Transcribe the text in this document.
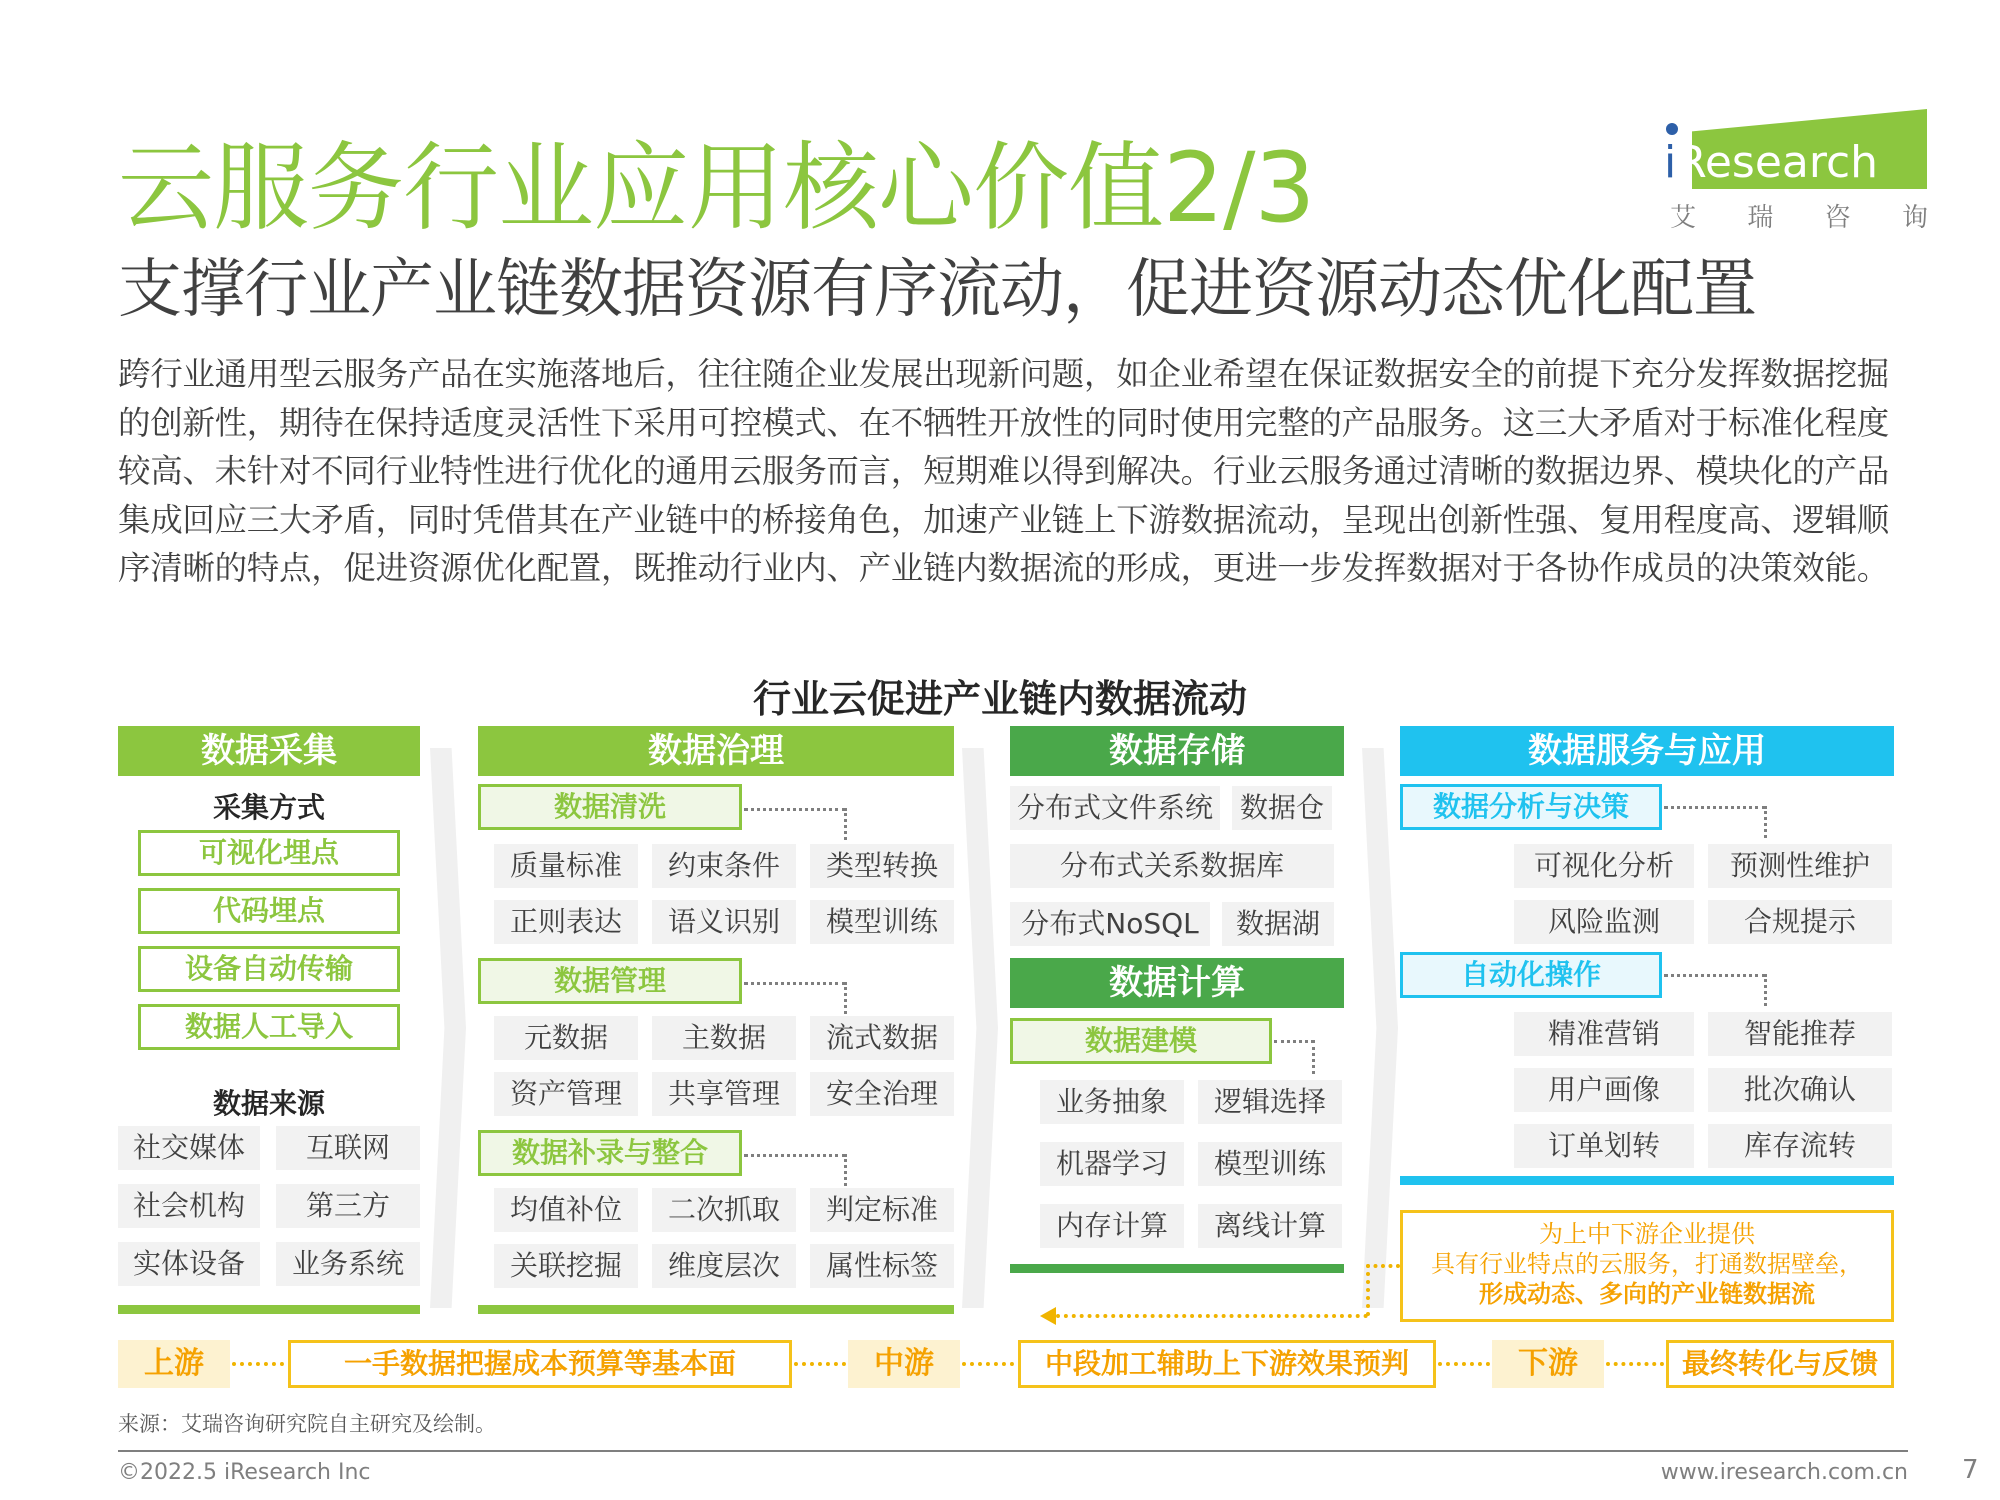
云服务行业应用核心价值2/3
支撑行业产业链数据资源有序流动，促进资源动态优化配置
iResearch
艾 瑞 咨 询
跨行业通用型云服务产品在实施落地后，往往随企业发展出现新问题，如企业希望在保证数据安全的前提下充分发挥数据挖掘的创新性，期待在保持适度灵活性下采用可控模式、在不牺牲开放性的同时使用完整的产品服务。这三大矛盾对于标准化程度较高、未针对不同行业特性进行优化的通用云服务而言，短期难以得到解决。行业云服务通过清晰的数据边界、模块化的产品集成回应三大矛盾，同时凭借其在产业链中的桥接角色，加速产业链上下游数据流动，呈现出创新性强、复用程度高、逻辑顺序清晰的特点，促进资源优化配置，既推动行业内、产业链内数据流的形成，更进一步发挥数据对于各协作成员的决策效能。
行业云促进产业链内数据流动
数据采集
采集方式
可视化埋点
代码埋点
设备自动传输
数据人工导入
数据来源
社交媒体	互联网
社会机构	第三方
实体设备	业务系统
数据治理
数据清洗
质量标准	约束条件	类型转换
正则表达	语义识别	模型训练
数据管理
元数据	主数据	流式数据
资产管理	共享管理	安全治理
数据补录与整合
均值补位	二次抓取	判定标准
关联挖掘	维度层次	属性标签
数据存储
分布式文件系统 数据仓
分布式关系数据库
分布式NoSQL	数据湖
数据计算
数据建模
业务抽象	逻辑选择
机器学习	模型训练
内存计算	离线计算
数据服务与应用
数据分析与决策
可视化分析	预测性维护
风险监测	合规提示
自动化操作
精准营销	智能推荐
用户画像	批次确认
订单划转	库存流转
为上中下游企业提供
具有行业特点的云服务，打通数据壁垒，
形成动态、多向的产业链数据流
上游	一手数据把握成本预算等基本面	中游	中段加工辅助上下游效果预判	下游	最终转化与反馈
来源：艾瑞咨询研究院自主研究及绘制。
©2022.5 iResearch Inc	www.iresearch.com.cn 7
